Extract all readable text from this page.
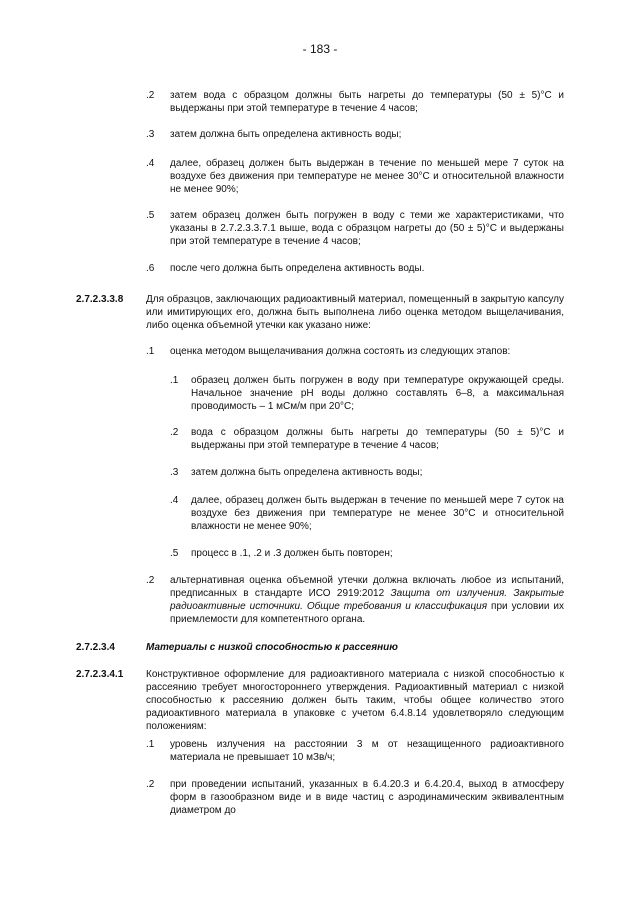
- 183 -
.2 затем вода с образцом должны быть нагреты до температуры (50 ± 5)°С и выдержаны при этой температуре в течение 4 часов;
.3 затем должна быть определена активность воды;
.4 далее, образец должен быть выдержан в течение по меньшей мере 7 суток на воздухе без движения при температуре не менее 30°С и относительной влажности не менее 90%;
.5 затем образец должен быть погружен в воду с теми же характеристиками, что указаны в 2.7.2.3.3.7.1 выше, вода с образцом нагреты до (50 ± 5)°С и выдержаны при этой температуре в течение 4 часов;
.6 после чего должна быть определена активность воды.
2.7.2.3.3.8 Для образцов, заключающих радиоактивный материал, помещенный в закрытую капсулу или имитирующих его, должна быть выполнена либо оценка методом выщелачивания, либо оценка объемной утечки как указано ниже:
.1 оценка методом выщелачивания должна состоять из следующих этапов:
.1 образец должен быть погружен в воду при температуре окружающей среды. Начальное значение pH воды должно составлять 6–8, а максимальная проводимость – 1 мСм/м при 20°С;
.2 вода с образцом должны быть нагреты до температуры (50 ± 5)°С и выдержаны при этой температуре в течение 4 часов;
.3 затем должна быть определена активность воды;
.4 далее, образец должен быть выдержан в течение по меньшей мере 7 суток на воздухе без движения при температуре не менее 30°С и относительной влажности не менее 90%;
.5 процесс в .1, .2 и .3 должен быть повторен;
.2 альтернативная оценка объемной утечки должна включать любое из испытаний, предписанных в стандарте ИСО 2919:2012 Защита от излучения. Закрытые радиоактивные источники. Общие требования и классификация при условии их приемлемости для компетентного органа.
2.7.2.3.4	Материалы с низкой способностью к рассеянию
2.7.2.3.4.1 Конструктивное оформление для радиоактивного материала с низкой способностью к рассеянию требует многостороннего утверждения. Радиоактивный материал с низкой способностью к рассеянию должен быть таким, чтобы общее количество этого радиоактивного материала в упаковке с учетом 6.4.8.14 удовлетворяло следующим положениям:
.1 уровень излучения на расстоянии 3 м от незащищенного радиоактивного материала не превышает 10 мЗв/ч;
.2 при проведении испытаний, указанных в 6.4.20.3 и 6.4.20.4, выход в атмосферу форм в газообразном виде и в виде частиц с аэродинамическим эквивалентным диаметром до
